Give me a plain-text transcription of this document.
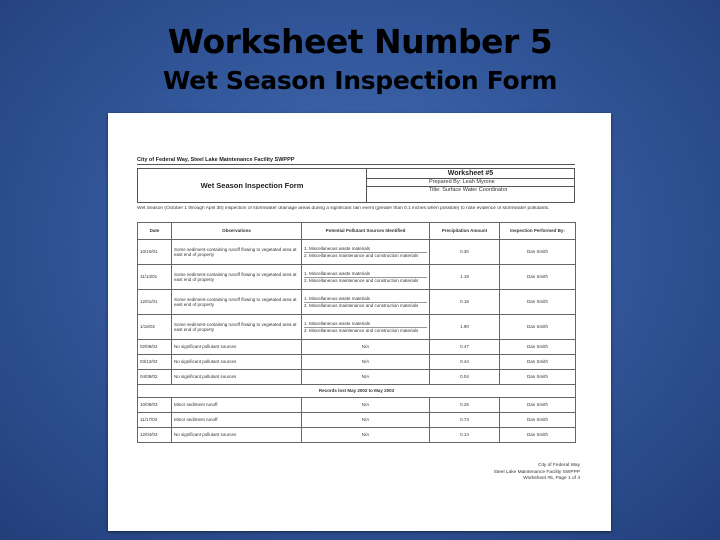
Worksheet Number 5
Wet Season Inspection Form
City of Federal Way, Steel Lake Maintenance Facility SWPPP
Wet Season Inspection Form
Worksheet #5
Prepared By: Leah Myrone
Title: Surface Water Coordinator
Wet Season (October 1 through April 30) inspection of stormwater drainage areas during a significant rain event (greater than 0.1 inches when possible) to note evidence of stormwater pollutants.
Date	Observations	Potential Pollutant Sources Identified	Precipitation Amount	Inspection Performed By:
10/10/01	Some sediment-containing runoff flowing to vegetated area at east end of property	1. Miscellaneous waste materials
2. Miscellaneous maintenance and construction materials	0.30	Dan Smith
11/13/01	Some sediment-containing runoff flowing to vegetated area at east end of property	1. Miscellaneous waste materials
2. Miscellaneous maintenance and construction materials	1.19	Dan Smith
12/01/01	Some sediment-containing runoff flowing to vegetated area at east end of property	1. Miscellaneous waste materials
2. Miscellaneous maintenance and construction materials	0.18	Dan Smith
1/18/02	Some sediment-containing runoff flowing to vegetated area at east end of property	1. Miscellaneous waste materials
2. Miscellaneous maintenance and construction materials	1.90	Dan Smith
02/08/02	No significant pollutant sources	N/A	0.47	Dan Smith
03/12/02	No significant pollutant sources	N/A	0.44	Dan Smith
04/08/02	No significant pollutant sources	N/A	0.04	Dan Smith
Records lost May 2002 to May 2003				
10/08/03	Minor sediment runoff	N/A	0.26	Dan Smith
11/17/03	Minor sediment runoff	N/A	0.73	Dan Smith
12/04/03	No significant pollutant sources	N/A	0.14	Dan Smith
City of Federal Way
Steel Lake Maintenance Facility SWPPP
Worksheet #5, Page 1 of 4
